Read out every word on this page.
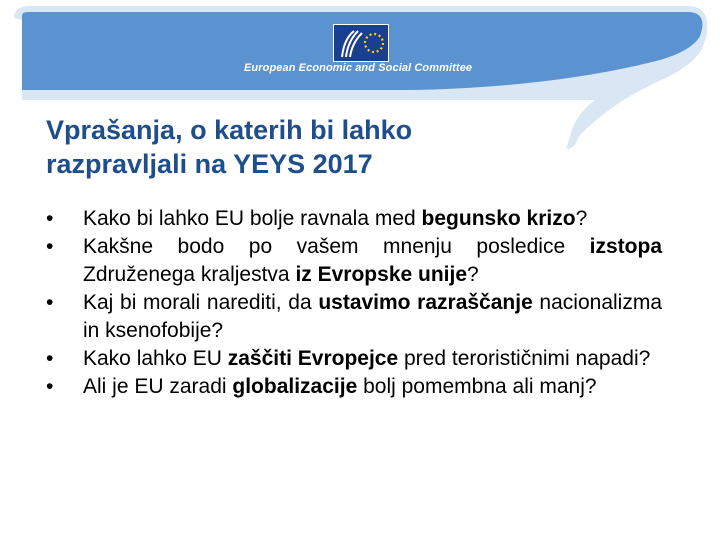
European Economic and Social Committee
Vprašanja, o katerih bi lahko
razpravljali na YEYS 2017
•	Kako bi lahko EU bolje ravnala med begunsko krizo?
•	Kakšne bodo po vašem mnenju posledice izstopa Združenega kraljestva iz Evropske unije?
•	Kaj bi morali narediti, da ustavimo razraščanje nacionalizma in ksenofobije?
•	Kako lahko EU zaščiti Evropejce pred terorističnimi napadi?
•	Ali je EU zaradi globalizacije bolj pomembna ali manj?
